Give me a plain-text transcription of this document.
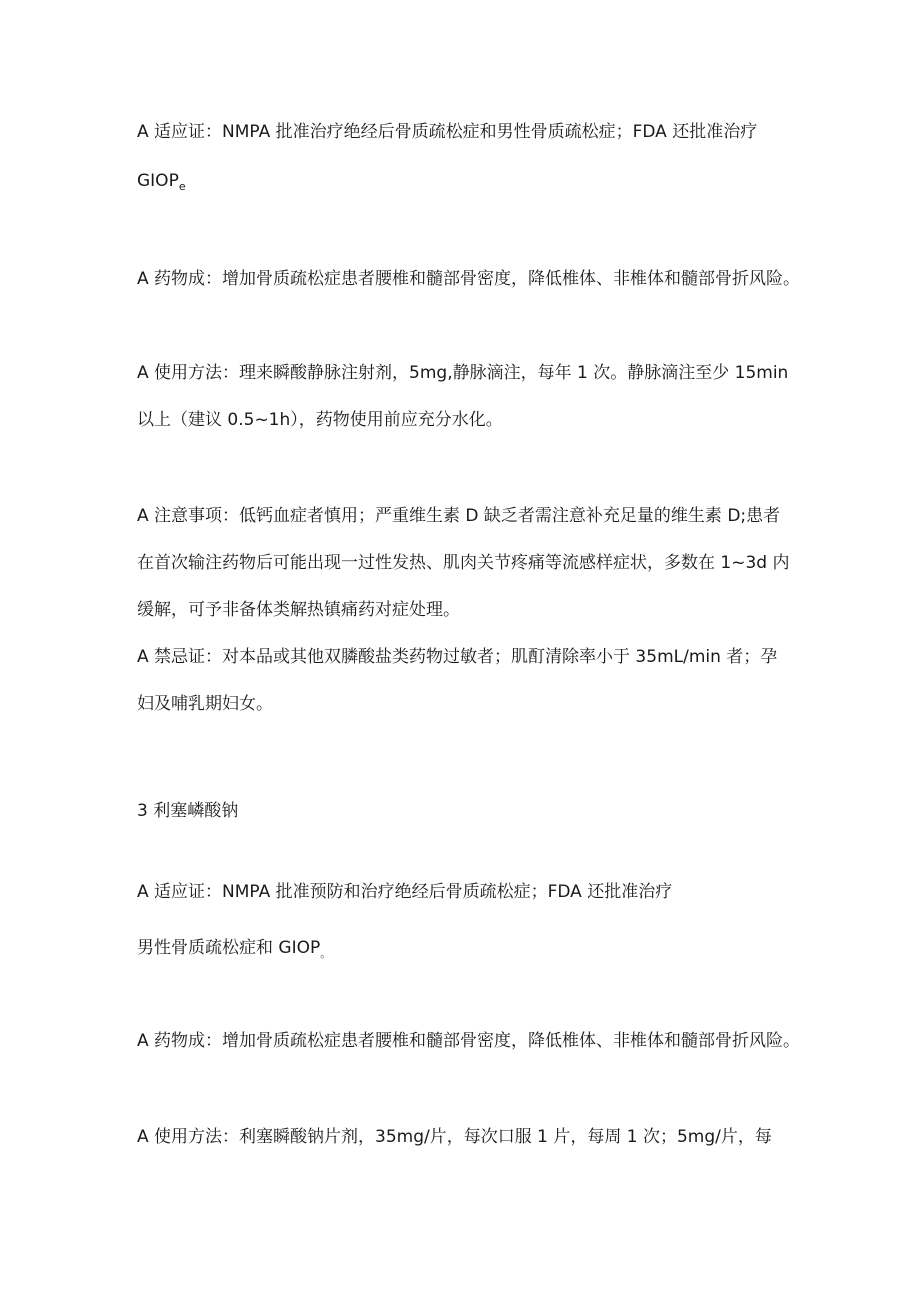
A 适应证：NMPA 批准治疗绝经后骨质疏松症和男性骨质疏松症；FDA 还批准治疗
$GIOP_e$
A 药物成：增加骨质疏松症患者腰椎和髓部骨密度，降低椎体、非椎体和髓部骨折风险。
A 使用方法：理来瞬酸静脉注射剂，5mg,静脉滴注，每年 1 次。静脉滴注至少 15min
以上（建议 0.5~1h），药物使用前应充分水化。
A 注意事项：低钙血症者慎用；严重维生素 D 缺乏者需注意补充足量的维生素 D;患者
在首次输注药物后可能出现一过性发热、肌肉关节疼痛等流感样症状，多数在 1~3d 内
缓解，可予非备体类解热镇痛药对症处理。
A 禁忌证：对本品或其他双膦酸盐类药物过敏者；肌酊清除率小于 35mL/min 者；孕
妇及哺乳期妇女。
3 利塞嶙酸钠
A 适应证：NMPA 批准预防和治疗绝经后骨质疏松症；FDA 还批准治疗
男性骨质疏松症和 $GIOP_。$
A 药物成：增加骨质疏松症患者腰椎和髓部骨密度，降低椎体、非椎体和髓部骨折风险。
A 使用方法：利塞瞬酸钠片剂，35mg/片，每次口服 1 片，每周 1 次；5mg/片，每
